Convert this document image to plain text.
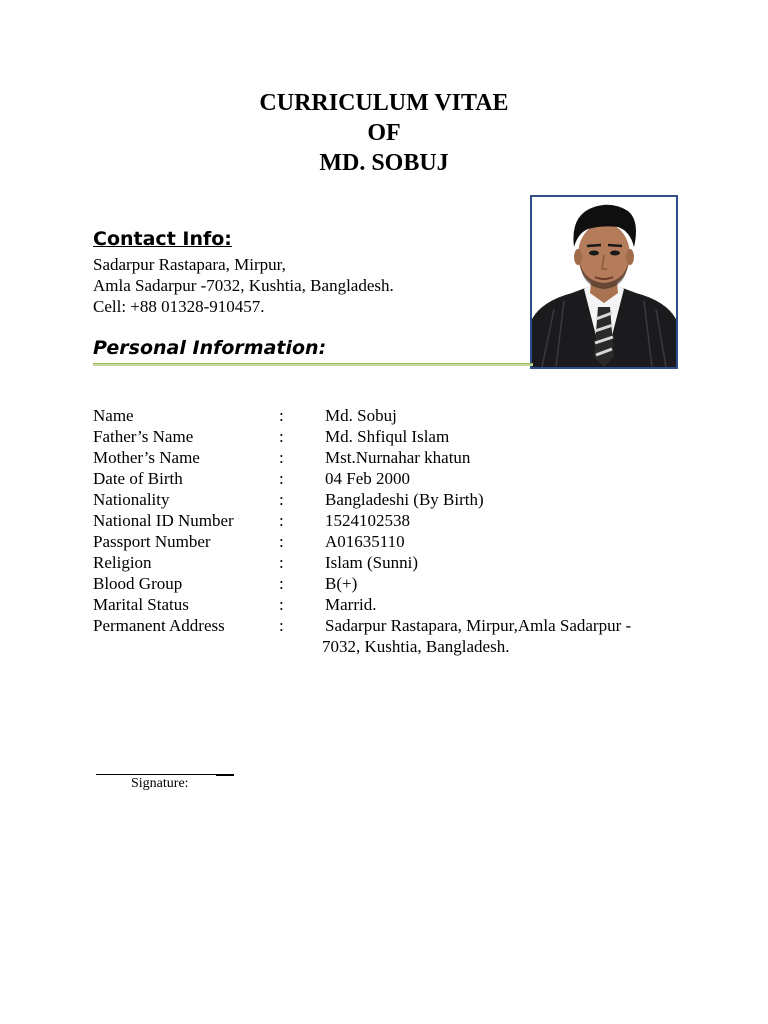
CURRICULUM VITAE
OF
MD. SOBUJ
Contact Info:
Sadarpur Rastapara, Mirpur,
Amla Sadarpur -7032, Kushtia, Bangladesh.
Cell: +88 01328-910457.
Personal Information:
Name	: Md. Sobuj
Father’s Name	: Md. Shfiqul Islam
Mother’s Name	: Mst.Nurnahar khatun
Date of Birth	: 04 Feb 2000
Nationality	: Bangladeshi (By Birth)
National ID Number	: 1524102538
Passport Number	: A01635110
Religion	: Islam (Sunni)
Blood Group	: B(+)
Marital Status	: Marrid.
Permanent Address	: Sadarpur Rastapara, Mirpur,Amla Sadarpur -
7032, Kushtia, Bangladesh.
Signature:
